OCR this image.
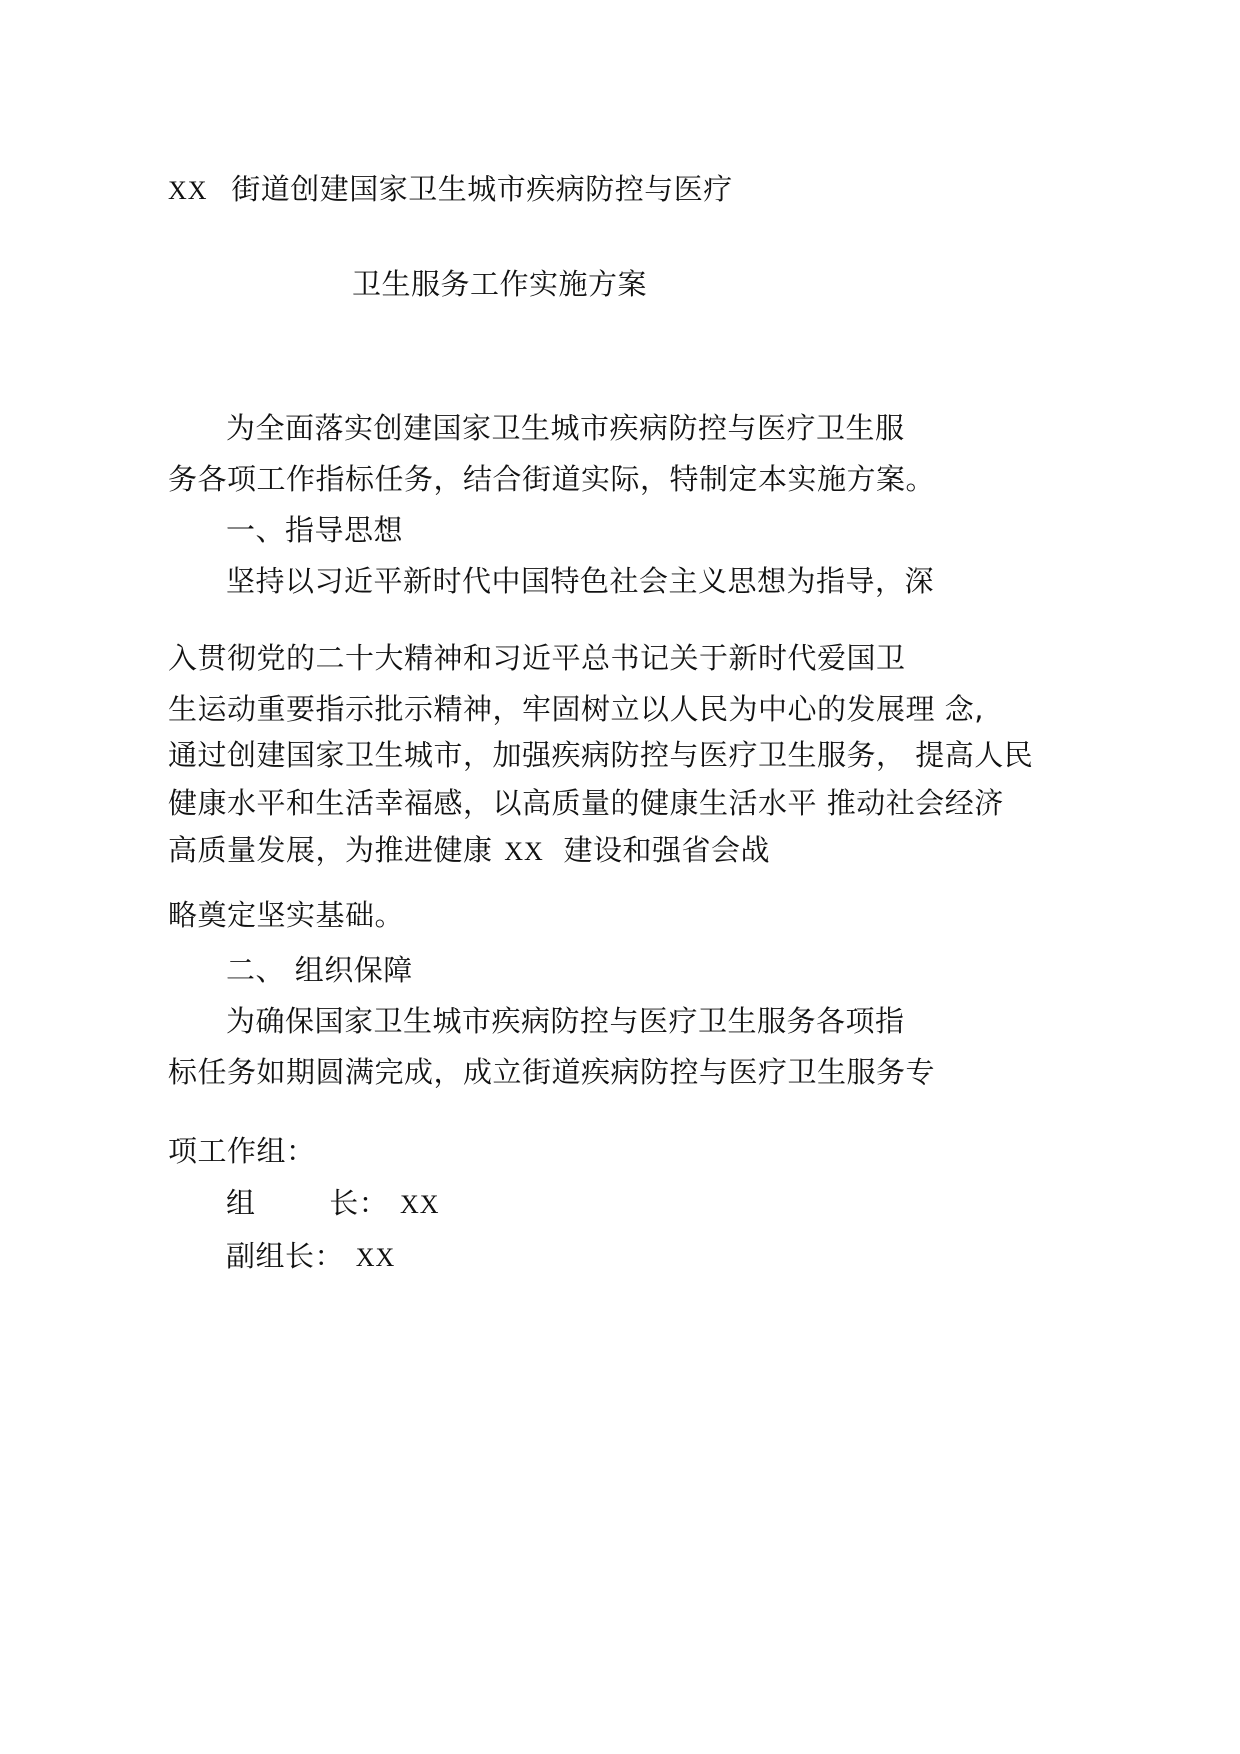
XX 街道创建国家卫生城市疾病防控与医疗
卫生服务工作实施方案
为全面落实创建国家卫生城市疾病防控与医疗卫生服
务各项工作指标任务，结合街道实际，特制定本实施方案。
一、指导思想
坚持以习近平新时代中国特色社会主义思想为指导，深
入贯彻党的二十大精神和习近平总书记关于新时代爱国卫
生运动重要指示批示精神，牢固树立以人民为中心的发展理 念,
通过创建国家卫生城市，加强疾病防控与医疗卫生服务， 提高人民
健康水平和生活幸福感，以高质量的健康生活水平 推动社会经济
高质量发展，为推进健康 XX 建设和强省会战
略奠定坚实基础。
二、 组织保障
为确保国家卫生城市疾病防控与医疗卫生服务各项指
标任务如期圆满完成，成立街道疾病防控与医疗卫生服务专
项工作组：
组	长： XX
副组长： XX
